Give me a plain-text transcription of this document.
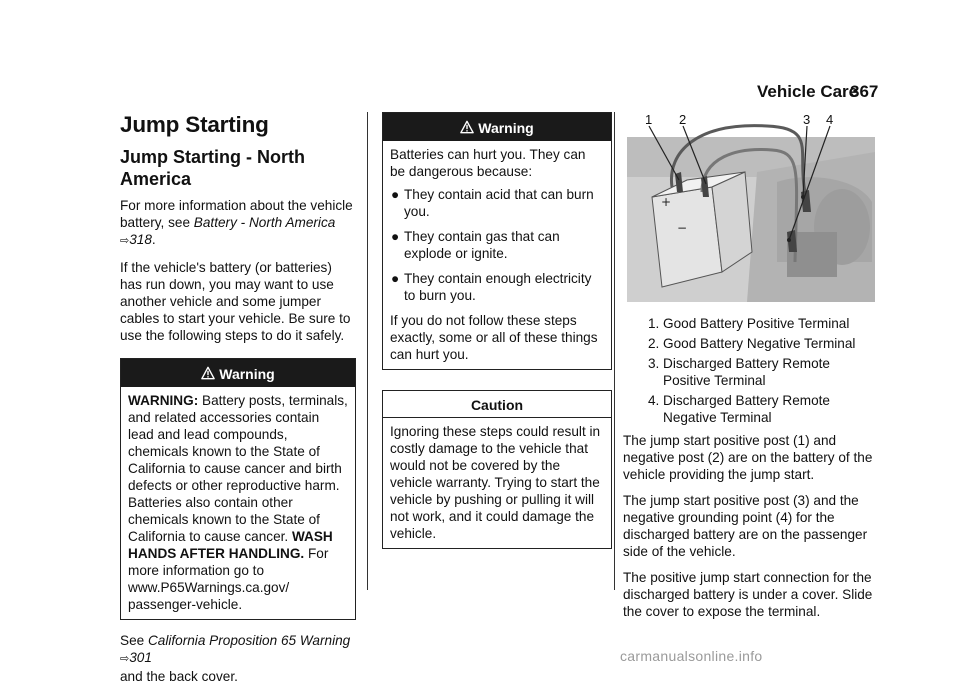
Vehicle Care
367
Jump Starting
Jump Starting - North America

For more information about the vehicle battery, see Battery - North America ⇨318.

If the vehicle's battery (or batteries) has run down, you may want to use another vehicle and some jumper cables to start your vehicle. Be sure to use the following steps to do it safely.

Warning

WARNING: Battery posts, terminals, and related accessories contain lead and lead compounds, chemicals known to the State of California to cause cancer and birth defects or other reproductive harm. Batteries also contain other chemicals known to the State of California to cause cancer. WASH HANDS AFTER HANDLING. For more information go to www.P65Warnings.ca.gov/ passenger-vehicle.

See California Proposition 65 Warning ⇨301
and the back cover.

Warning

Batteries can hurt you. They can be dangerous because:

● They contain acid that can burn you.
● They contain gas that can explode or ignite.
● They contain enough electricity to burn you.

If you do not follow these steps exactly, some or all of these things can hurt you.

Caution

Ignoring these steps could result in costly damage to the vehicle that would not be covered by the vehicle warranty. Trying to start the vehicle by pushing or pulling it will not work, and it could damage the vehicle.

+
−
1 2	3 4
1. Good Battery Positive Terminal
2. Good Battery Negative Terminal
3. Discharged Battery Remote Positive Terminal
4. Discharged Battery Remote Negative Terminal

The jump start positive post (1) and negative post (2) are on the battery of the vehicle providing the jump start.

The jump start positive post (3) and the negative grounding point (4) for the discharged battery are on the passenger side of the vehicle.

The positive jump start connection for the discharged battery is under a cover. Slide the cover to expose the terminal.

carmanualsonline.info
